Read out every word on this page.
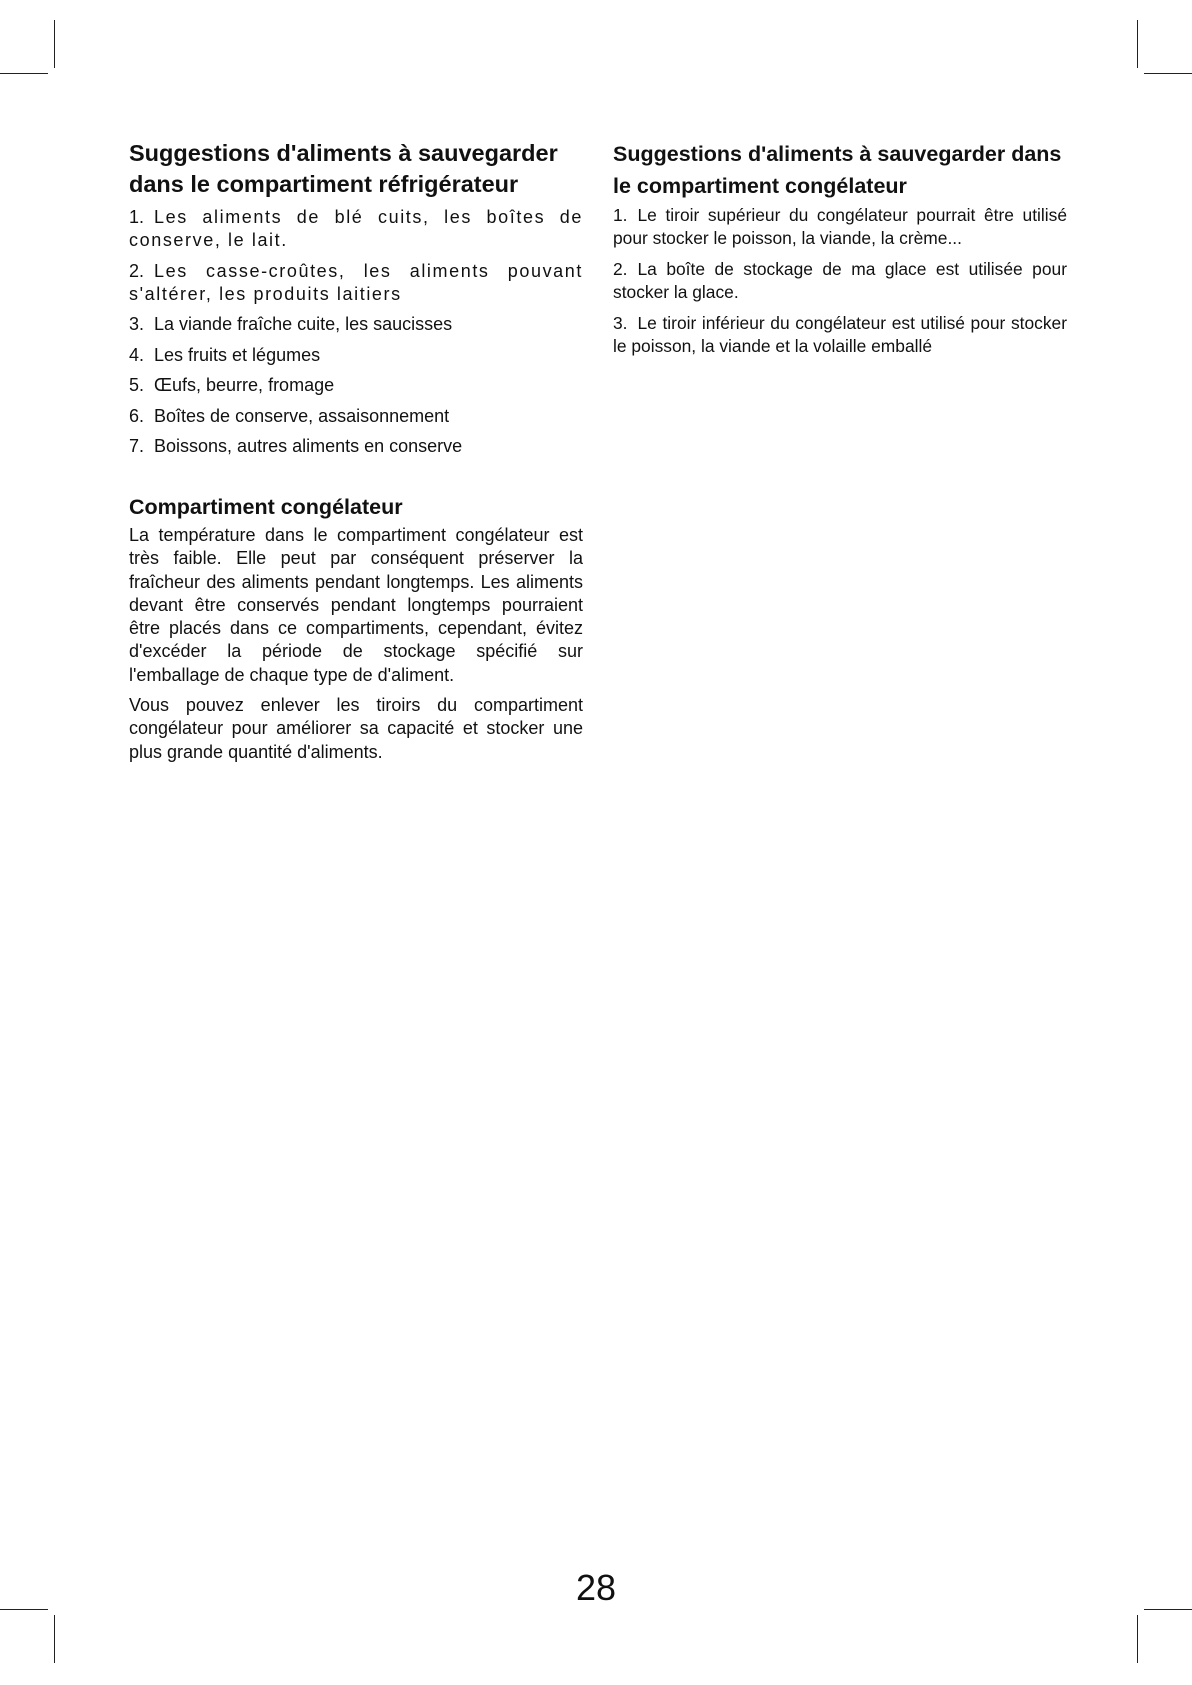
Suggestions d'aliments à sauvegarder dans le compartiment réfrigérateur
1. Les aliments de blé cuits, les boîtes de conserve, le lait.
2. Les casse-croûtes, les aliments pouvant s'altérer, les produits laitiers
3. La viande fraîche cuite, les saucisses
4. Les fruits et légumes
5. Œufs, beurre, fromage
6. Boîtes de conserve, assaisonnement
7. Boissons, autres aliments en conserve
Compartiment congélateur

La température dans le compartiment congélateur est très faible. Elle peut par conséquent préserver la fraîcheur des aliments pendant longtemps. Les aliments devant être conservés pendant longtemps pourraient être placés dans ce compartiments, cependant, évitez d'excéder la période de stockage spécifié sur l'emballage de chaque type de d'aliment.

Vous pouvez enlever les tiroirs du compartiment congélateur pour améliorer sa capacité et stocker une plus grande quantité d'aliments.

Suggestions d'aliments à sauvegarder dans le compartiment congélateur
1. Le tiroir supérieur du congélateur pourrait être utilisé pour stocker le poisson, la viande, la crème...
2. La boîte de stockage de ma glace est utilisée pour stocker la glace.
3. Le tiroir inférieur du congélateur est utilisé pour stocker le poisson, la viande et la volaille emballé
28
